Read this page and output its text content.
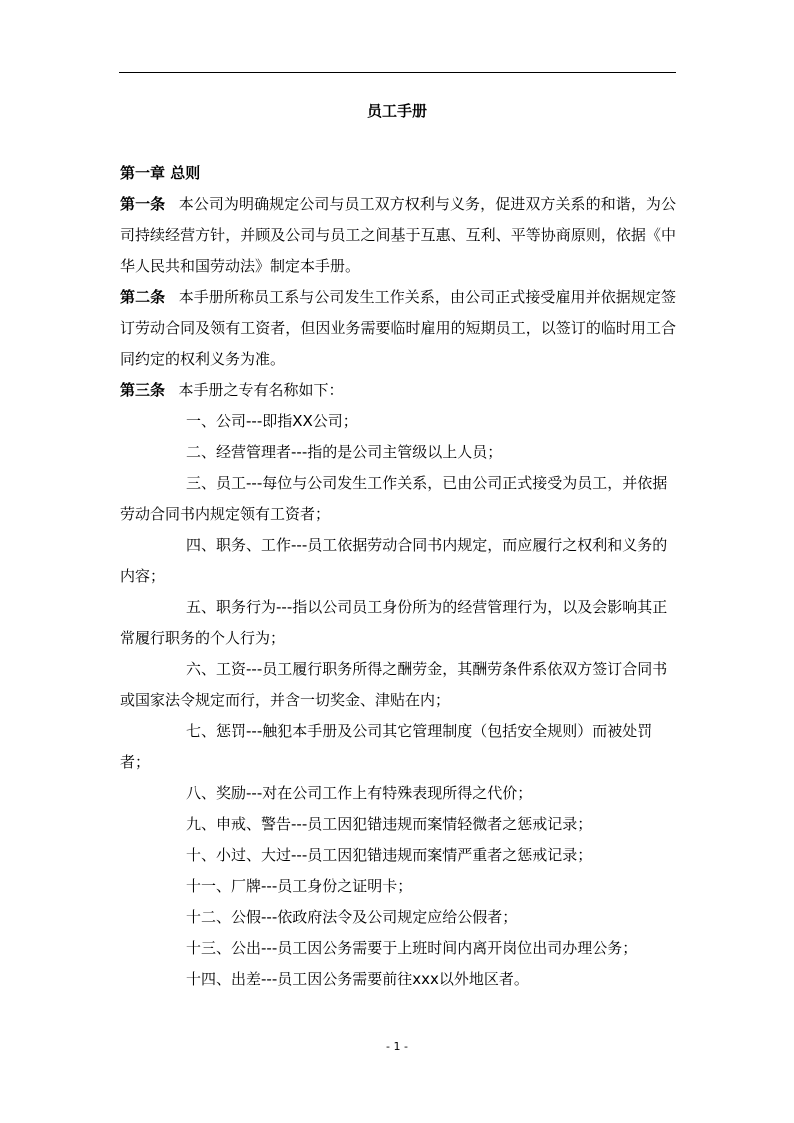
员工手册

第一章 总则

第一条 本公司为明确规定公司与员工双方权利与义务，促进双方关系的和谐，为公司持续经营方针，并顾及公司与员工之间基于互惠、互利、平等协商原则，依据《中华人民共和国劳动法》制定本手册。

第二条 本手册所称员工系与公司发生工作关系，由公司正式接受雇用并依据规定签订劳动合同及领有工资者，但因业务需要临时雇用的短期员工，以签订的临时用工合同约定的权利义务为准。

第三条 本手册之专有名称如下：

一、公司---即指XX公司；

二、经营管理者---指的是公司主管级以上人员；

三、员工---每位与公司发生工作关系，已由公司正式接受为员工，并依据劳动合同书内规定领有工资者；

四、职务、工作---员工依据劳动合同书内规定，而应履行之权利和义务的内容；

五、职务行为---指以公司员工身份所为的经营管理行为，以及会影响其正常履行职务的个人行为；

六、工资---员工履行职务所得之酬劳金，其酬劳条件系依双方签订合同书或国家法令规定而行，并含一切奖金、津贴在内；

七、惩罚---触犯本手册及公司其它管理制度（包括安全规则）而被处罚者；

八、奖励---对在公司工作上有特殊表现所得之代价；

九、申戒、警告---员工因犯错违规而案情轻微者之惩戒记录；

十、小过、大过---员工因犯错违规而案情严重者之惩戒记录；

十一、厂牌---员工身份之证明卡；

十二、公假---依政府法令及公司规定应给公假者；

十三、公出---员工因公务需要于上班时间内离开岗位出司办理公务；

十四、出差---员工因公务需要前往xxx以外地区者。

- 1 -
